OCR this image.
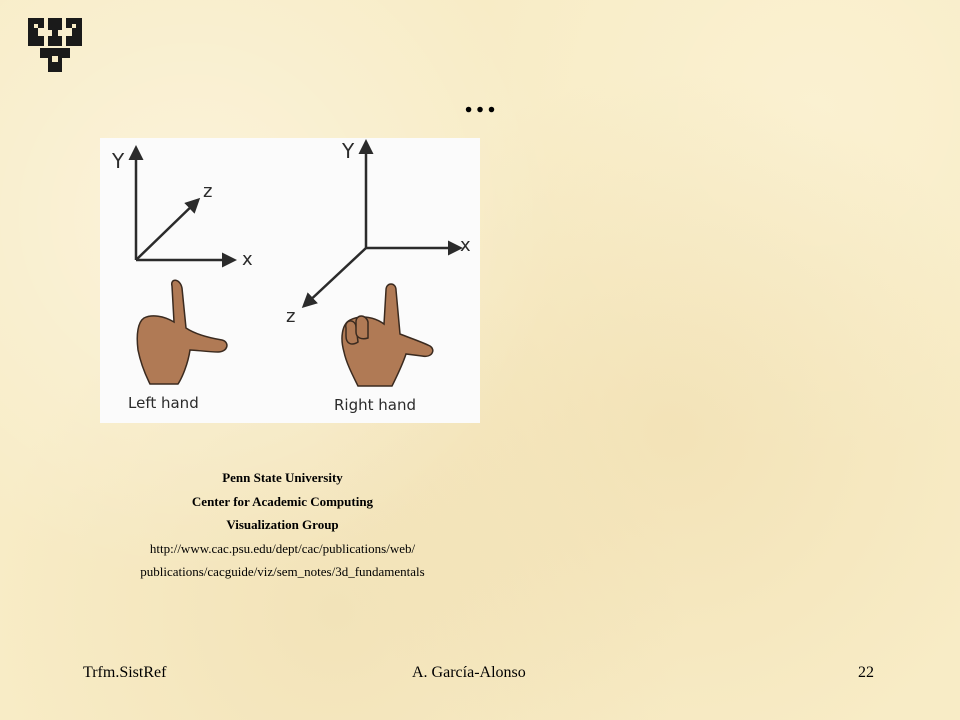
…
Y
z
x
Left hand
Y
z
x
Right hand
Penn State University
Center for Academic Computing
Visualization Group
http://www.cac.psu.edu/dept/cac/publications/web/
publications/cacguide/viz/sem_notes/3d_fundamentals
Trfm.SistRef	A. García-Alonso	22
